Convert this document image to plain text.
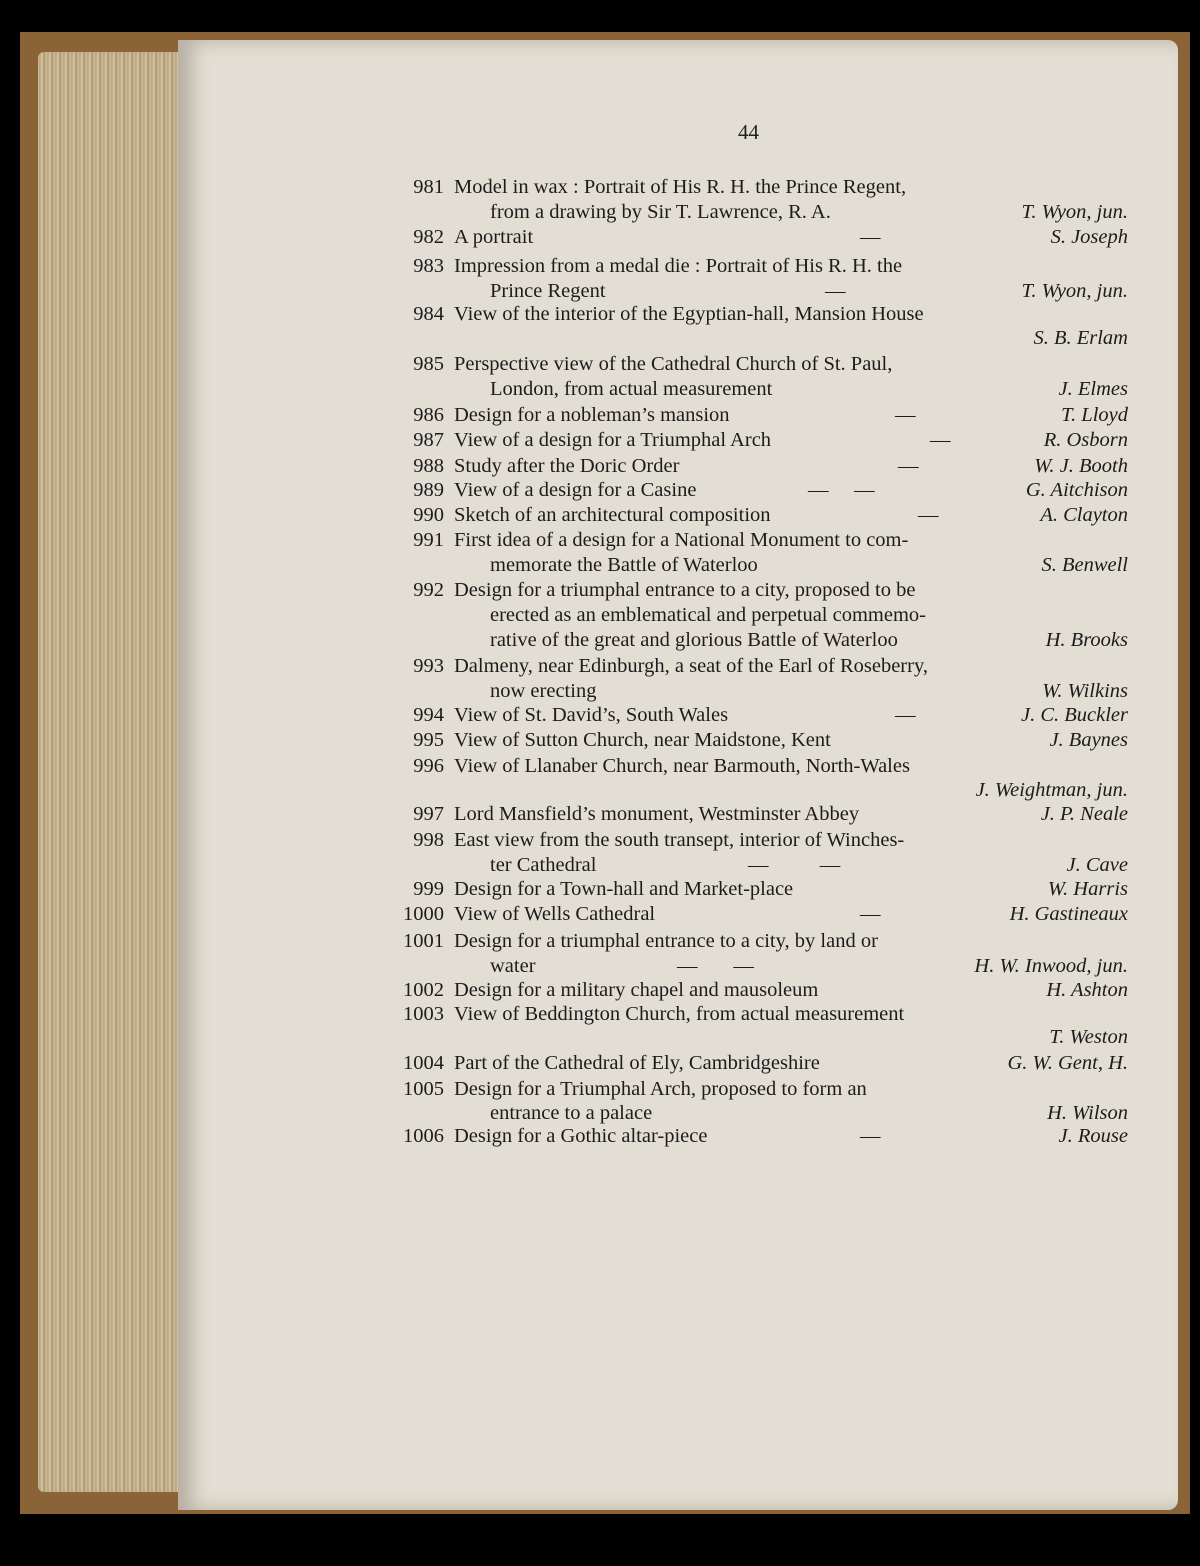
44
981 Model in wax : Portrait of His R. H. the Prince Regent,
from a drawing by Sir T. Lawrence, R. A.	T. Wyon, jun.
982 A portrait	—	S. Joseph
983 Impression from a medal die : Portrait of His R. H. the
Prince Regent	—	T. Wyon, jun.
984 View of the interior of the Egyptian-hall, Mansion House
S. B. Erlam
985 Perspective view of the Cathedral Church of St. Paul,
London, from actual measurement	J. Elmes
986 Design for a nobleman’s mansion	—	T. Lloyd
987 View of a design for a Triumphal Arch	—	R. Osborn
988 Study after the Doric Order	—	W. J. Booth
989 View of a design for a Casine	—     —	G. Aitchison
990 Sketch of an architectural composition	—	A. Clayton
991 First idea of a design for a National Monument to com-
memorate the Battle of Waterloo	S. Benwell
992 Design for a triumphal entrance to a city, proposed to be
erected as an emblematical and perpetual commemo-
rative of the great and glorious Battle of Waterloo	H. Brooks
993 Dalmeny, near Edinburgh, a seat of the Earl of Roseberry,
now erecting	W. Wilkins
994 View of St. David’s, South Wales	—	J. C. Buckler
995 View of Sutton Church, near Maidstone, Kent	J. Baynes
996 View of Llanaber Church, near Barmouth, North-Wales
J. Weightman, jun.
997 Lord Mansfield’s monument, Westminster Abbey	J. P. Neale
998 East view from the south transept, interior of Winches-
ter Cathedral	—          —	J. Cave
999 Design for a Town-hall and Market-place	W. Harris
1000 View of Wells Cathedral	—	H. Gastineaux
1001 Design for a triumphal entrance to a city, by land or
water	—       —	H. W. Inwood, jun.
1002 Design for a military chapel and mausoleum	H. Ashton
1003 View of Beddington Church, from actual measurement
T. Weston
1004 Part of the Cathedral of Ely, Cambridgeshire	G. W. Gent, H.
1005 Design for a Triumphal Arch, proposed to form an
entrance to a palace	H. Wilson
1006 Design for a Gothic altar-piece	—	J. Rouse
